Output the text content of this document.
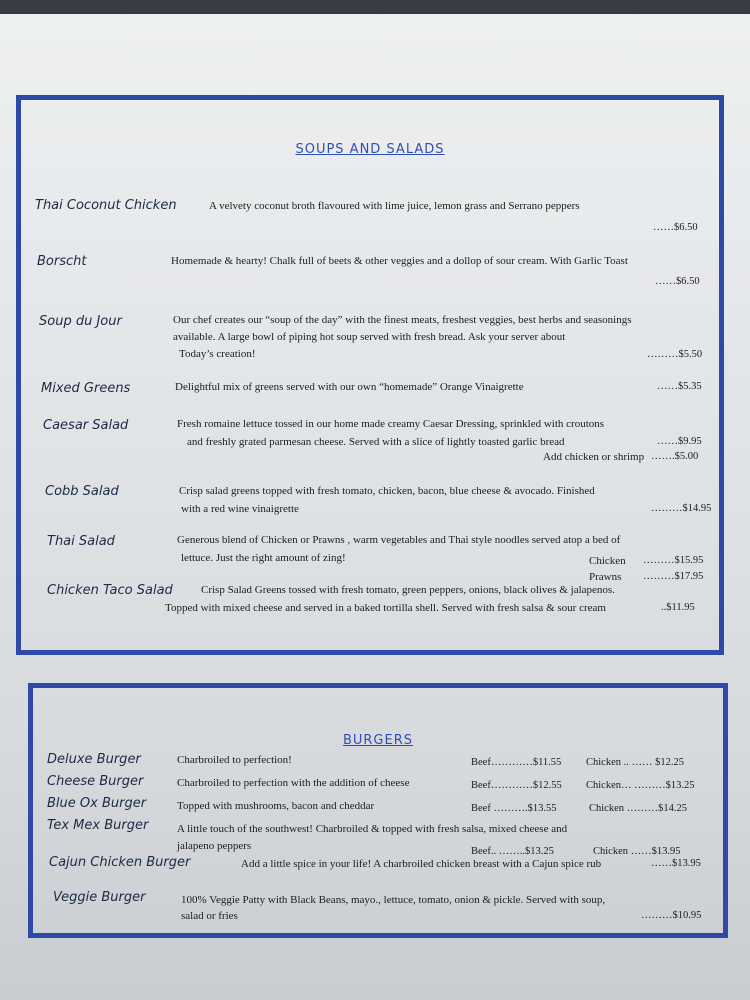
SOUPS AND SALADS
Thai Coconut Chicken	A velvety coconut broth flavoured with lime juice, lemon grass and Serrano peppers
……$6.50
Borscht	Homemade & hearty! Chalk full of beets & other veggies and a dollop of sour cream. With Garlic Toast
……$6.50
Soup du Jour	Our chef creates our “soup of the day” with the finest meats, freshest veggies, best herbs and seasonings
available. A large bowl of piping hot soup served with fresh bread. Ask your server about
Today’s creation!	………$5.50
Mixed Greens	Delightful mix of greens served with our own “homemade” Orange Vinaigrette	……$5.35
Caesar Salad	Fresh romaine lettuce tossed in our home made creamy Caesar Dressing, sprinkled with croutons
and freshly grated parmesan cheese. Served with a slice of lightly toasted garlic bread	……$9.95
Add chicken or shrimp …….$5.00
Cobb Salad	Crisp salad greens topped with fresh tomato, chicken, bacon, blue cheese & avocado. Finished
with a red wine vinaigrette	………$14.95
Thai Salad	Generous blend of Chicken or Prawns , warm vegetables and Thai style noodles served atop a bed of
lettuce. Just the right amount of zing!	Chicken ………$15.95
Prawns ………$17.95
Chicken Taco Salad	Crisp Salad Greens tossed with fresh tomato, green peppers, onions, black olives & jalapenos.
Topped with mixed cheese and served in a baked tortilla shell. Served with fresh salsa & sour cream	..$11.95
BURGERS
Deluxe Burger	Charbroiled to perfection!	Beef…………$11.55 Chicken .. …… $12.25
Cheese Burger	Charbroiled to perfection with the addition of cheese	Beef…………$12.55 Chicken… ………$13.25
Blue Ox Burger	Topped with mushrooms, bacon and cheddar	Beef ……….$13.55	Chicken ………$14.25
Tex Mex Burger	A little touch of the southwest! Charbroiled & topped with fresh salsa, mixed cheese and
jalapeno peppers	Beef.. ……..$13.25	Chicken ……$13.95
Cajun Chicken Burger	Add a little spice in your life! A charbroiled chicken breast with a Cajun spice rub	……$13.95
Veggie Burger	100% Veggie Patty with Black Beans, mayo., lettuce, tomato, onion & pickle. Served with soup,
salad or fries	………$10.95
